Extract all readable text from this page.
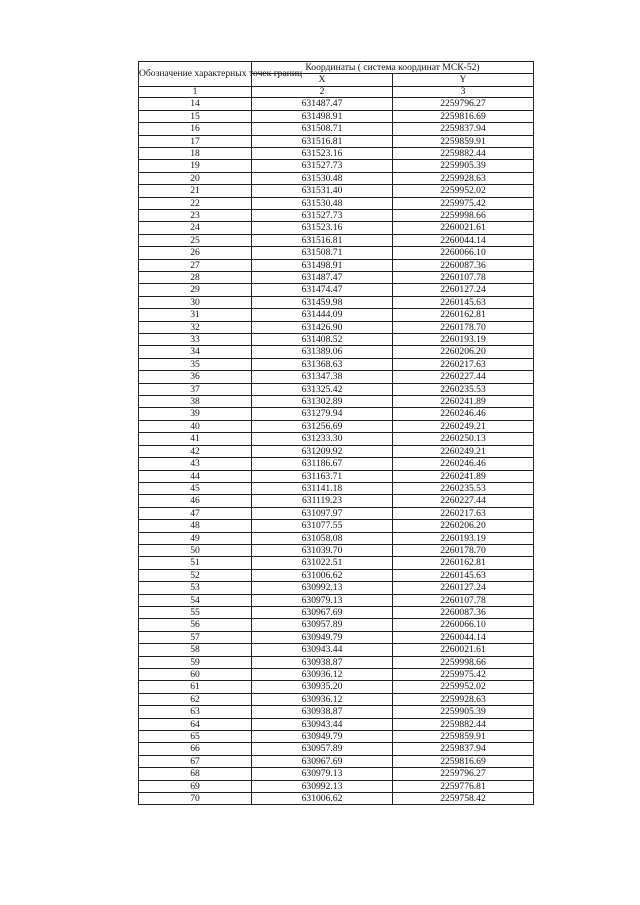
Обозначение характерных точек границ	Координаты ( система координат МСК-52)	
	X	Y
1	2	3
14	631487.47	2259796.27
15	631498.91	2259816.69
16	631508.71	2259837.94
17	631516.81	2259859.91
18	631523.16	2259882.44
19	631527.73	2259905.39
20	631530.48	2259928.63
21	631531.40	2259952.02
22	631530.48	2259975.42
23	631527.73	2259998.66
24	631523.16	2260021.61
25	631516.81	2260044.14
26	631508.71	2260066.10
27	631498.91	2260087.36
28	631487.47	2260107.78
29	631474.47	2260127.24
30	631459.98	2260145.63
31	631444.09	2260162.81
32	631426.90	2260178.70
33	631408.52	2260193.19
34	631389.06	2260206.20
35	631368.63	2260217.63
36	631347.38	2260227.44
37	631325.42	2260235.53
38	631302.89	2260241.89
39	631279.94	2260246.46
40	631256.69	2260249.21
41	631233.30	2260250.13
42	631209.92	2260249.21
43	631186.67	2260246.46
44	631163.71	2260241.89
45	631141.18	2260235.53
46	631119.23	2260227.44
47	631097.97	2260217.63
48	631077.55	2260206.20
49	631058.08	2260193.19
50	631039.70	2260178.70
51	631022.51	2260162.81
52	631006.62	2260145.63
53	630992.13	2260127.24
54	630979.13	2260107.78
55	630967.69	2260087.36
56	630957.89	2260066.10
57	630949.79	2260044.14
58	630943.44	2260021.61
59	630938.87	2259998.66
60	630936.12	2259975.42
61	630935.20	2259952.02
62	630936.12	2259928.63
63	630938.87	2259905.39
64	630943.44	2259882.44
65	630949.79	2259859.91
66	630957.89	2259837.94
67	630967.69	2259816.69
68	630979.13	2259796.27
69	630992.13	2259776.81
70	631006.62	2259758.42
